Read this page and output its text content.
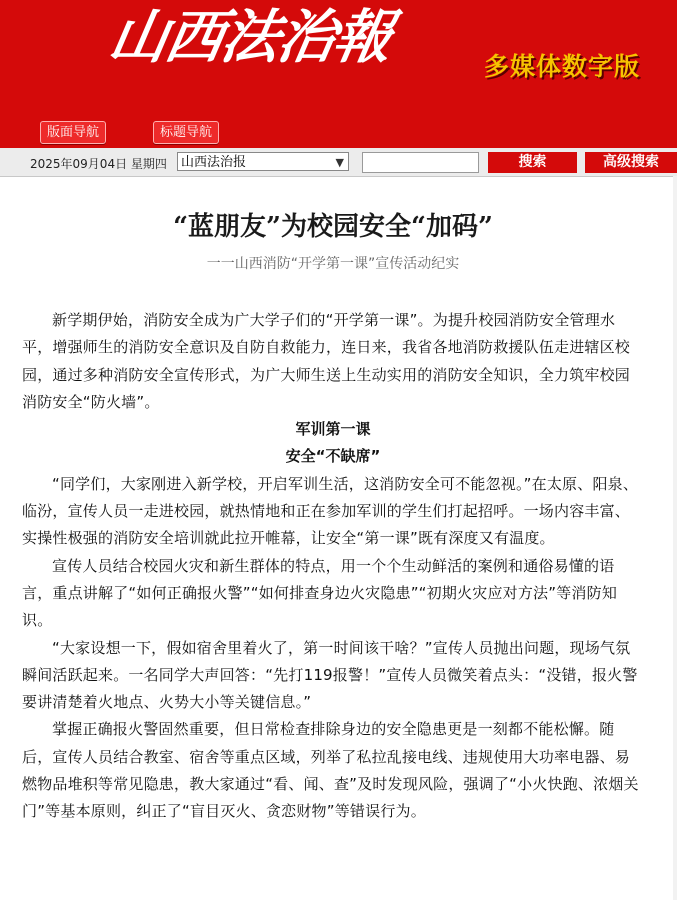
山西法治報	多媒体数字版
版面导航	标题导航
2025年09月04日 星期四	山西法治报	▼	搜索	高级搜索
“蓝朋友”为校园安全“加码”
一一山西消防“开学第一课”宣传活动纪实

新学期伊始，消防安全成为广大学子们的“开学第一课”。为提升校园消防安全管理水平，增强师生的消防安全意识及自防自救能力，连日来，我省各地消防救援队伍走进辖区校园，通过多种消防安全宣传形式，为广大师生送上生动实用的消防安全知识，全力筑牢校园消防安全“防火墙”。

军训第一课

安全“不缺席”

“同学们，大家刚进入新学校，开启军训生活，这消防安全可不能忽视。”在太原、阳泉、临汾，宣传人员一走进校园，就热情地和正在参加军训的学生们打起招呼。一场内容丰富、实操性极强的消防安全培训就此拉开帷幕，让安全“第一课”既有深度又有温度。

宣传人员结合校园火灾和新生群体的特点，用一个个生动鲜活的案例和通俗易懂的语言，重点讲解了“如何正确报火警”“如何排查身边火灾隐患”“初期火灾应对方法”等消防知识。

“大家设想一下，假如宿舍里着火了，第一时间该干啥？”宣传人员抛出问题，现场气氛瞬间活跃起来。一名同学大声回答：“先打119报警！”宣传人员微笑着点头：“没错，报火警要讲清楚着火地点、火势大小等关键信息。”

掌握正确报火警固然重要，但日常检查排除身边的安全隐患更是一刻都不能松懈。随后，宣传人员结合教室、宿舍等重点区域，列举了私拉乱接电线、违规使用大功率电器、易燃物品堆积等常见隐患，教大家通过“看、闻、查”及时发现风险，强调了“小火快跑、浓烟关门”等基本原则，纠正了“盲目灭火、贪恋财物”等错误行为。
